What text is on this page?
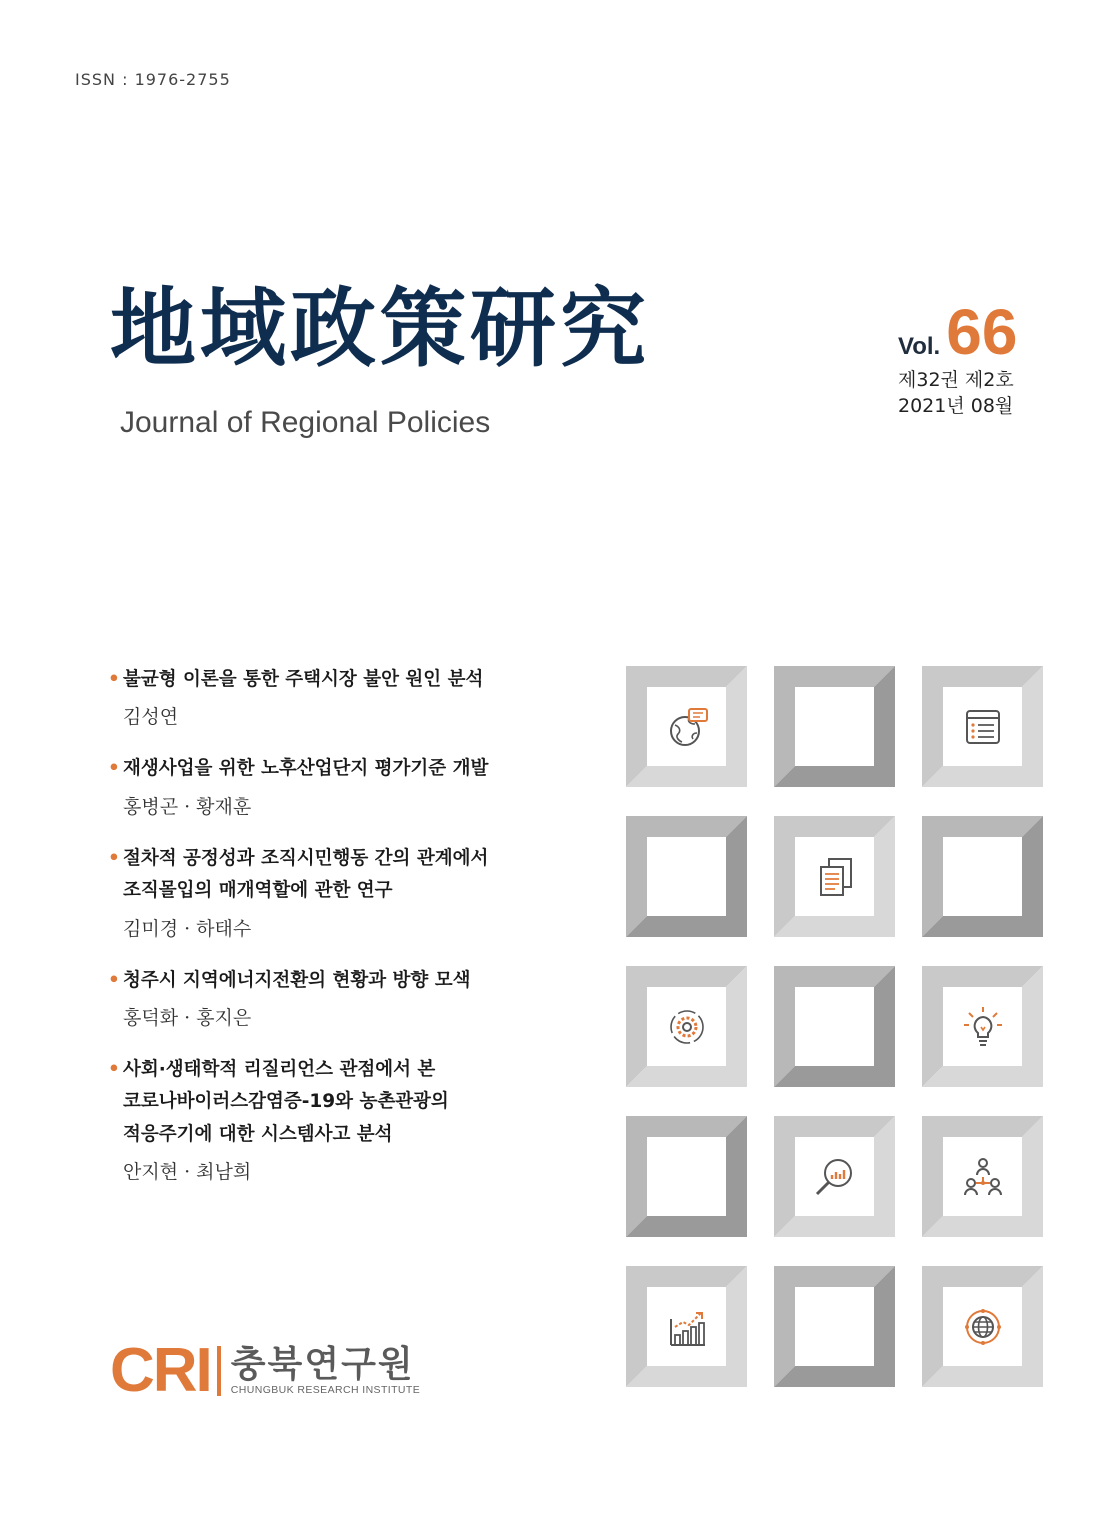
ISSN : 1976-2755
地域政策研究
Journal of Regional Policies
Vol. 66
제32권 제2호
2021년 08월
• 불균형 이론을 통한 주택시장 불안 원인 분석
김성연
• 재생사업을 위한 노후산업단지 평가기준 개발
홍병곤 · 황재훈
• 절차적 공정성과 조직시민행동 간의 관계에서
조직몰입의 매개역할에 관한 연구
김미경 · 하태수
• 청주시 지역에너지전환의 현황과 방향 모색
홍덕화 · 홍지은
• 사회·생태학적 리질리언스 관점에서 본
코로나바이러스감염증-19와 농촌관광의
적응주기에 대한 시스템사고 분석
안지현 · 최남희
CRI 충북연구원
CHUNGBUK RESEARCH INSTITUTE
